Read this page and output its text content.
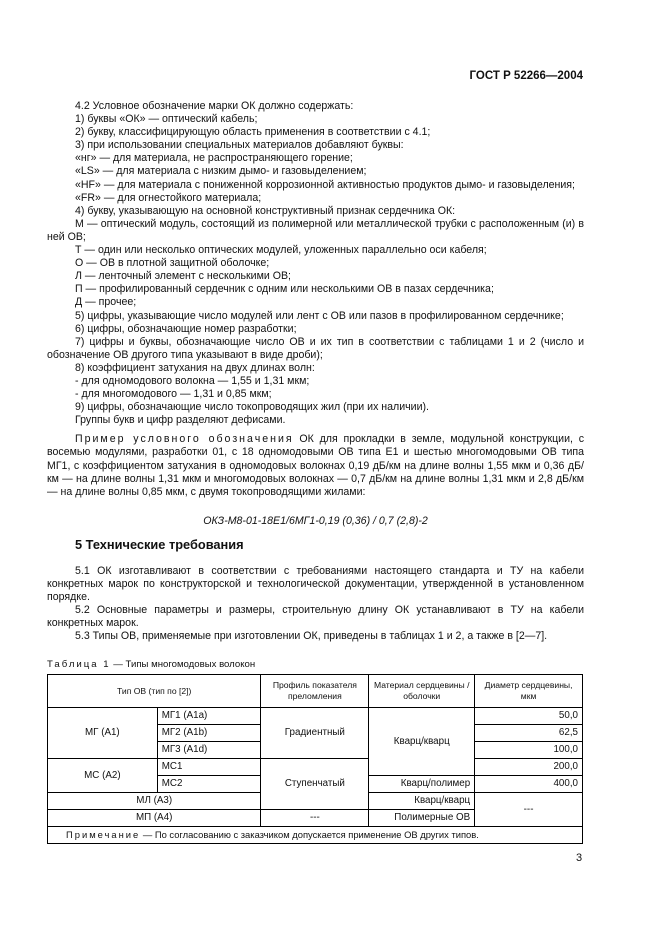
ГОСТ Р 52266—2004

4.2 Условное обозначение марки ОК должно содержать:

1) буквы «ОК» — оптический кабель;

2) букву, классифицирующую область применения в соответствии с 4.1;

3) при использовании специальных материалов добавляют буквы:

«нг» — для материала, не распространяющего горение;

«LS» — для материала с низким дымо- и газовыделением;

«HF» — для материала с пониженной коррозионной активностью продуктов дымо- и газовыделения;

«FR» — для огнестойкого материала;

4) букву, указывающую на основной конструктивный признак сердечника ОК:

М — оптический модуль, состоящий из полимерной или металлической трубки с расположенным (и) в ней ОВ;

Т — один или несколько оптических модулей, уложенных параллельно оси кабеля;

О — ОВ в плотной защитной оболочке;

Л — ленточный элемент с несколькими ОВ;

П — профилированный сердечник с одним или несколькими ОВ в пазах сердечника;

Д — прочее;

5) цифры, указывающие число модулей или лент с ОВ или пазов в профилированном сердечнике;

6) цифры, обозначающие номер разработки;

7) цифры и буквы, обозначающие число ОВ и их тип в соответствии с таблицами 1 и 2 (число и обозначение ОВ другого типа указывают в виде дроби);

8) коэффициент затухания на двух длинах волн:

- для одномодового волокна — 1,55 и 1,31 мкм;

- для многомодового — 1,31 и 0,85 мкм;

9) цифры, обозначающие число токопроводящих жил (при их наличии).

Группы букв и цифр разделяют дефисами.

Пример условного обозначения ОК для прокладки в земле, модульной конструкции, с восемью модулями, разработки 01, с 18 одномодовыми ОВ типа Е1 и шестью многомодовыми ОВ типа МГ1, с коэффициентом затухания в одномодовых волокнах 0,19 дБ/км на длине волны 1,55 мкм и 0,36 дБ/км — на длине волны 1,31 мкм и многомодовых волокнах — 0,7 дБ/км на длине волны 1,31 мкм и 2,8 дБ/км — на длине волны 0,85 мкм, с двумя токопроводящими жилами:

ОКЗ-М8-01-18Е1/6МГ1-0,19 (0,36) / 0,7 (2,8)-2

5 Технические требования

5.1 ОК изготавливают в соответствии с требованиями настоящего стандарта и ТУ на кабели конкретных марок по конструкторской и технологической документации, утвержденной в установленном порядке.

5.2 Основные параметры и размеры, строительную длину ОК устанавливают в ТУ на кабели конкретных марок.

5.3 Типы ОВ, применяемые при изготовлении ОК, приведены в таблицах 1 и 2, а также в [2—7].

Таблица 1 — Типы многомодовых волокон
Тип ОВ (тип по [2])		Профиль показателя преломления	Материал сердцевины / оболочки	Диаметр сердцевины, мкм
МГ (А1)	МГ1 (А1а)	Градиентный	Кварц/кварц	50,0
	МГ2 (А1b)			62,5
	МГ3 (А1d)			100,0
МС (А2)	МС1	Ступенчатый		200,0
	МС2		Кварц/полимер	400,0
МЛ (А3)			Кварц/кварц	---
МП (А4)		---	Полимерные ОВ	
Примечание — По согласованию с заказчиком допускается применение ОВ других типов.				
3
